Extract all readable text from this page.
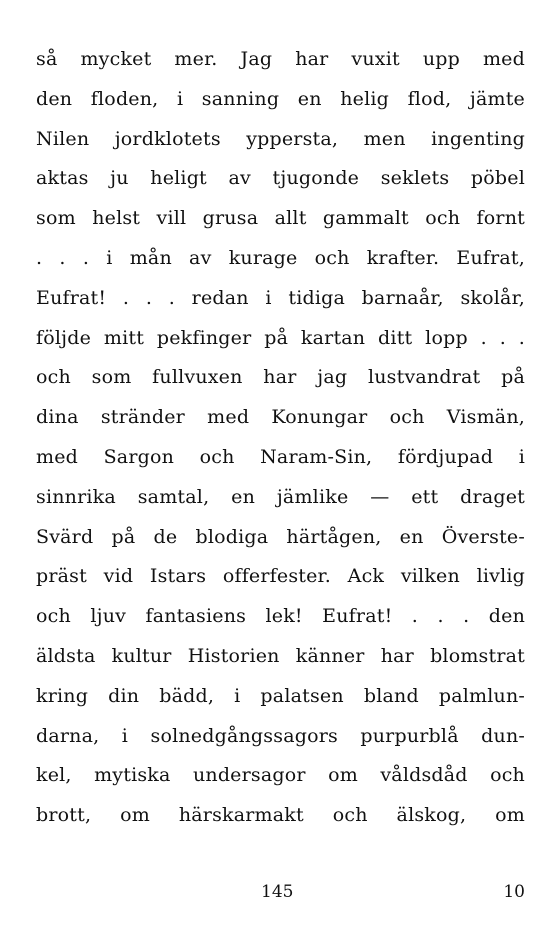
så mycket mer. Jag har vuxit upp med
den floden, i sanning en helig flod, jämte
Nilen jordklotets yppersta, men ingenting
aktas ju heligt av tjugonde seklets pöbel
som helst vill grusa allt gammalt och fornt
. . . i mån av kurage och krafter. Eufrat,
Eufrat! . . . redan i tidiga barnaår, skolår,
följde mitt pekfinger på kartan ditt lopp . . .
och som fullvuxen har jag lustvandrat på
dina stränder med Konungar och Vismän,
med Sargon och Naram-Sin, fördjupad i
sinnrika samtal, en jämlike — ett draget
Svärd på de blodiga härtågen, en Överste-
präst vid Istars offerfester. Ack vilken livlig
och ljuv fantasiens lek! Eufrat! . . . den
äldsta kultur Historien känner har blomstrat
kring din bädd, i palatsen bland palmlun-
darna, i solnedgångssagors purpurblå dun-
kel, mytiska undersagor om våldsdåd och
brott, om härskarmakt och älskog, om
145	10
